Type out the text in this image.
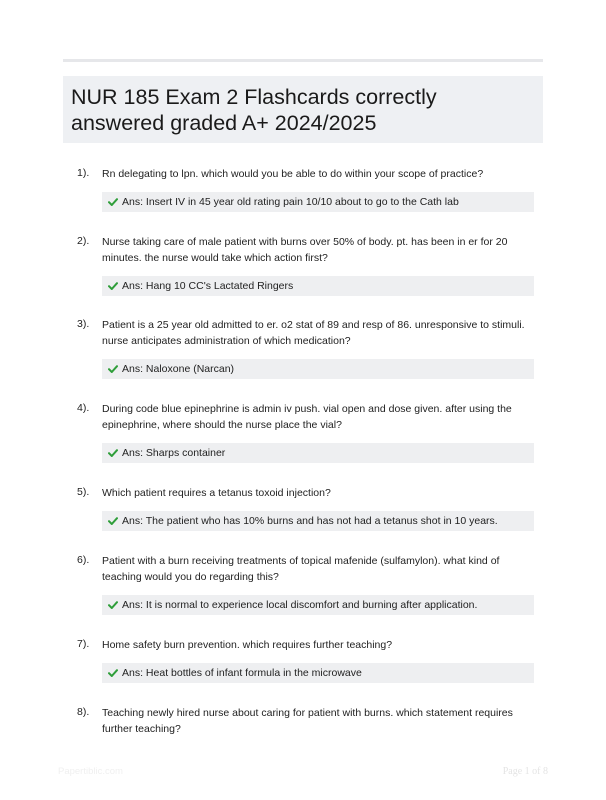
NUR 185 Exam 2 Flashcards correctly answered graded A+ 2024/2025
1). Rn delegating to lpn. which would you be able to do within your scope of practice?

Ans: Insert IV in 45 year old rating pain 10/10 about to go to the Cath lab
2). Nurse taking care of male patient with burns over 50% of body. pt. has been in er for 20 minutes. the nurse would take which action first?

Ans: Hang 10 CC's Lactated Ringers
3). Patient is a 25 year old admitted to er. o2 stat of 89 and resp of 86. unresponsive to stimuli. nurse anticipates administration of which medication?

Ans: Naloxone (Narcan)
4). During code blue epinephrine is admin iv push. vial open and dose given. after using the epinephrine, where should the nurse place the vial?

Ans: Sharps container
5). Which patient requires a tetanus toxoid injection?

Ans: The patient who has 10% burns and has not had a tetanus shot in 10 years.
6). Patient with a burn receiving treatments of topical mafenide (sulfamylon). what kind of teaching would you do regarding this?

Ans: It is normal to experience local discomfort and burning after application.
7). Home safety burn prevention. which requires further teaching?

Ans: Heat bottles of infant formula in the microwave
8). Teaching newly hired nurse about caring for patient with burns. which statement requires further teaching?

Papertiblic.com	Page 1 of 8
